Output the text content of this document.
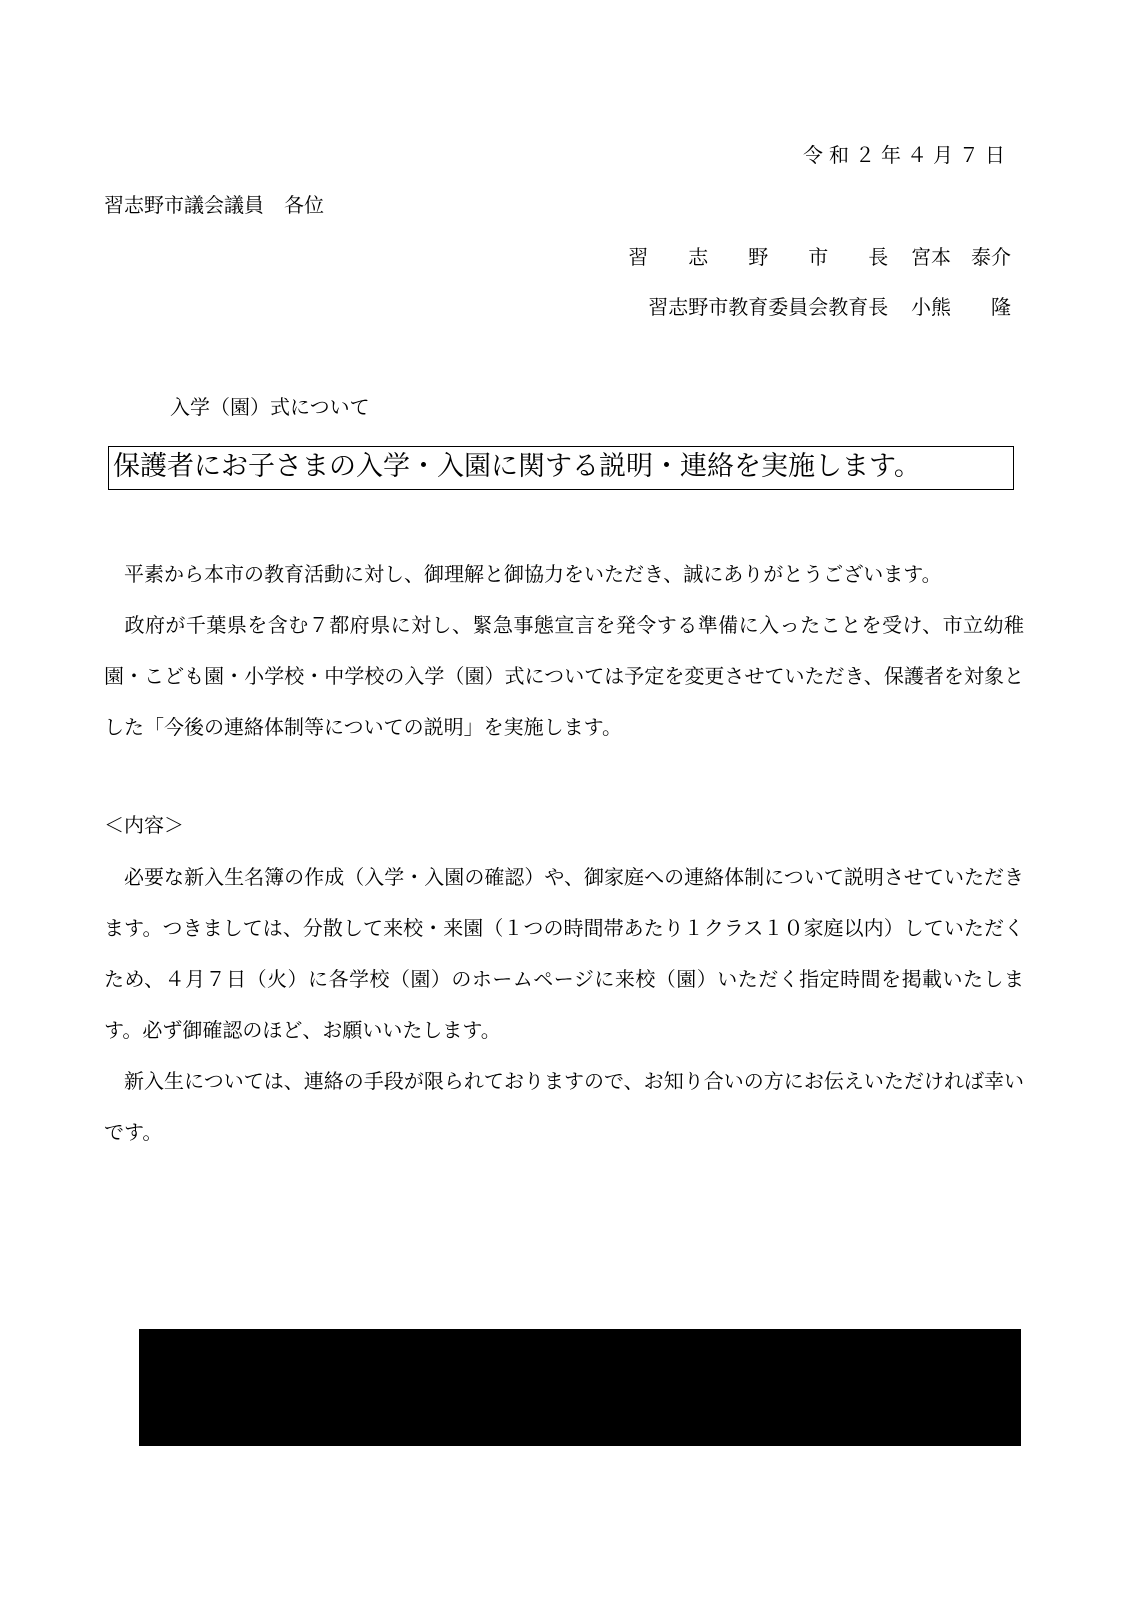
令和２年４月７日
習志野市議会議員　各位
習　　志　　野　　市　　長 宮本　泰介
習志野市教育委員会教育長 小熊　　隆
入学（園）式について
保護者にお子さまの入学・入園に関する説明・連絡を実施します。
　平素から本市の教育活動に対し、御理解と御協力をいただき、誠にありがとうございます。
　政府が千葉県を含む７都府県に対し、緊急事態宣言を発令する準備に入ったことを受け、市立幼稚園・こども園・小学校・中学校の入学（園）式については予定を変更させていただき、保護者を対象とした「今後の連絡体制等についての説明」を実施します。
＜内容＞
　必要な新入生名簿の作成（入学・入園の確認）や、御家庭への連絡体制について説明させていただきます。つきましては、分散して来校・来園（１つの時間帯あたり１クラス１０家庭以内）していただくため、４月７日（火）に各学校（園）のホームページに来校（園）いただく指定時間を掲載いたします。必ず御確認のほど、お願いいたします。
　新入生については、連絡の手段が限られておりますので、お知り合いの方にお伝えいただければ幸いです。
